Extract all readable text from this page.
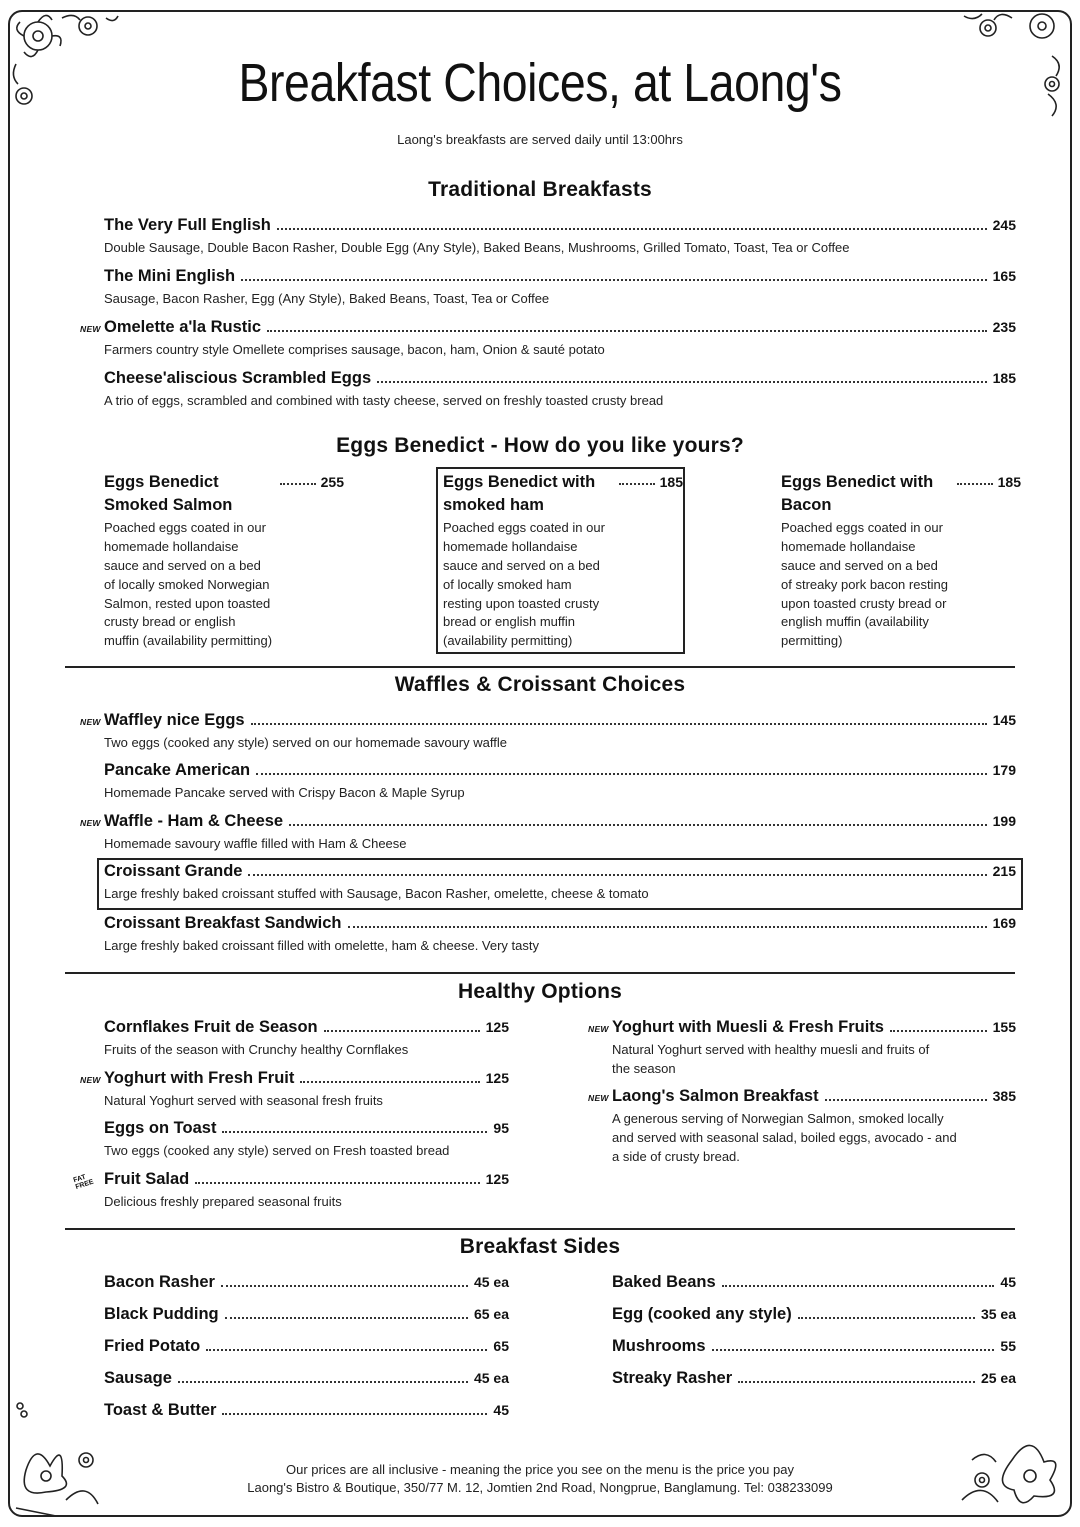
Breakfast Choices, at Laong's
Laong's breakfasts are served daily until 13:00hrs
Traditional Breakfasts
The Very Full English	245
Double Sausage, Double Bacon Rasher, Double Egg (Any Style), Baked Beans, Mushrooms, Grilled Tomato, Toast, Tea or Coffee
The Mini English	165
Sausage, Bacon Rasher, Egg (Any Style), Baked Beans, Toast, Tea or Coffee
NEW Omelette a'la Rustic	235
Farmers country style Omellete comprises sausage, bacon, ham, Onion & sauté potato
Cheese'aliscious Scrambled Eggs	185
A trio of eggs, scrambled and combined with tasty cheese, served on freshly toasted crusty bread
Eggs Benedict - How do you like yours?
Eggs Benedict Smoked Salmon
255
Poached eggs coated in our homemade hollandaise sauce and served on a bed of locally smoked Norwegian Salmon, rested upon toasted crusty bread or english muffin (availability permitting)
Eggs Benedict with smoked ham
185
Poached eggs coated in our homemade hollandaise sauce and served on a bed of locally smoked ham resting upon toasted crusty bread or english muffin (availability permitting)
Eggs Benedict with Bacon
185
Poached eggs coated in our homemade hollandaise sauce and served on a bed of streaky pork bacon resting upon toasted crusty bread or english muffin (availability permitting)
Waffles & Croissant Choices
NEW Waffley nice Eggs	145
Two eggs (cooked any style) served on our homemade savoury waffle
Pancake American	179
Homemade Pancake served with Crispy Bacon & Maple Syrup
NEW Waffle - Ham & Cheese	199
Homemade savoury waffle filled with Ham & Cheese
Croissant Grande	215
Large freshly baked croissant stuffed with Sausage, Bacon Rasher, omelette, cheese & tomato
Croissant Breakfast Sandwich	169
Large freshly baked croissant filled with omelette, ham & cheese. Very tasty
Healthy Options
Cornflakes Fruit de Season	125
Fruits of the season with Crunchy healthy Cornflakes
NEW Yoghurt with Fresh Fruit	125
Natural Yoghurt served with seasonal fresh fruits
Eggs on Toast	95
Two eggs (cooked any style) served on Fresh toasted bread
FAT FREE Fruit Salad	125
Delicious freshly prepared seasonal fruits
NEW Yoghurt with Muesli & Fresh Fruits	155
Natural Yoghurt served with healthy muesli and fruits of the season
NEW Laong's Salmon Breakfast	385
A generous serving of Norwegian Salmon, smoked locally and served with seasonal salad, boiled eggs, avocado - and a side of crusty bread.
Breakfast Sides
Bacon Rasher	45 ea
Black Pudding	65 ea
Fried Potato	65
Sausage	45 ea
Toast & Butter	45
Baked Beans	45
Egg (cooked any style)	35 ea
Mushrooms	55
Streaky Rasher	25 ea
Our prices are all inclusive - meaning the price you see on the menu is the price you pay
Laong's Bistro & Boutique, 350/77 M. 12, Jomtien 2nd Road, Nongprue, Banglamung. Tel: 038233099
